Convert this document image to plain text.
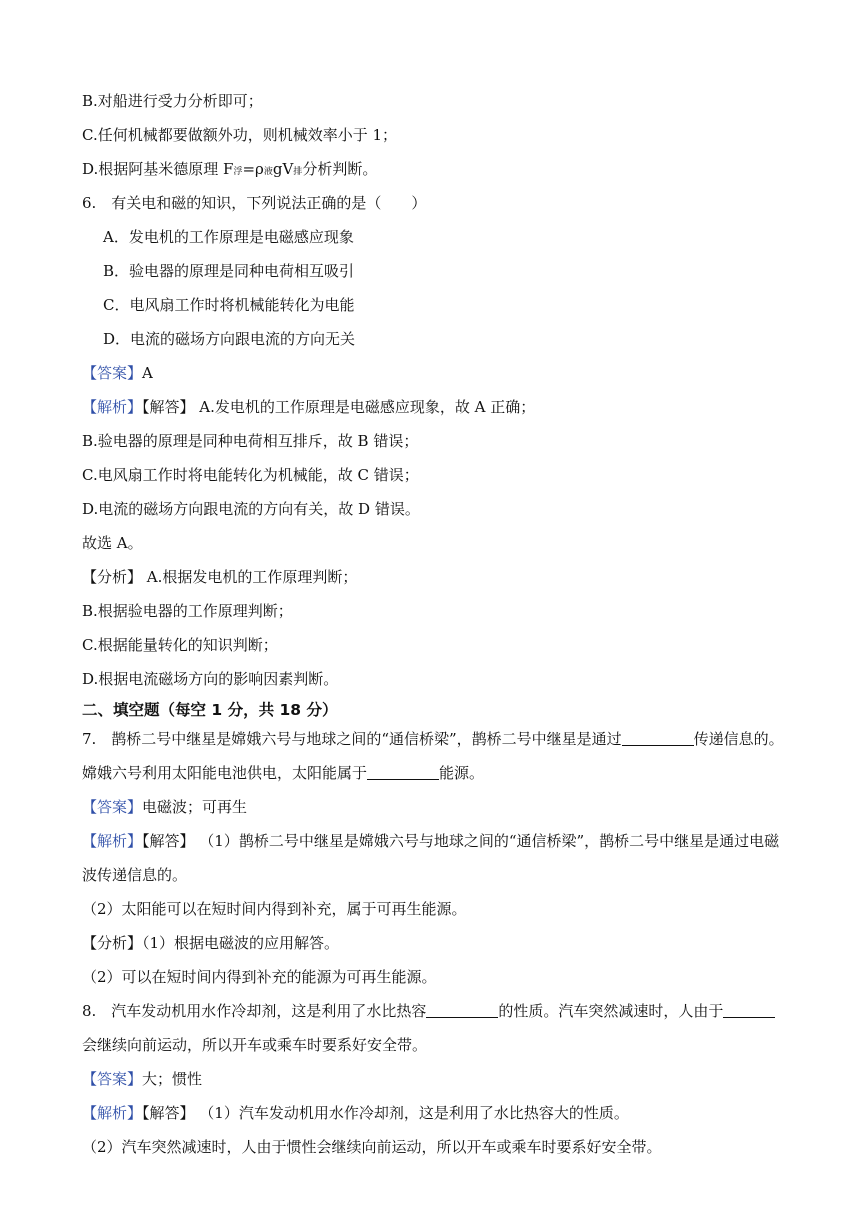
B.对船进行受力分析即可；
C.任何机械都要做额外功，则机械效率小于 1；
D.根据阿基米德原理 F浮=ρ液gV排分析判断。
6.　有关电和磁的知识，下列说法正确的是（　　）
A．发电机的工作原理是电磁感应现象
B．验电器的原理是同种电荷相互吸引
C．电风扇工作时将机械能转化为电能
D．电流的磁场方向跟电流的方向无关
【答案】A
【解析】【解答】 A.发电机的工作原理是电磁感应现象，故 A 正确；
B.验电器的原理是同种电荷相互排斥，故 B 错误；
C.电风扇工作时将电能转化为机械能，故 C 错误；
D.电流的磁场方向跟电流的方向有关，故 D 错误。
故选 A。
【分析】 A.根据发电机的工作原理判断；
B.根据验电器的工作原理判断；
C.根据能量转化的知识判断；
D.根据电流磁场方向的影响因素判断。
二、填空题（每空 1 分，共 18 分）
7.　鹊桥二号中继星是嫦娥六号与地球之间的“通信桥梁”，鹊桥二号中继星是通过	传递信息的。
嫦娥六号利用太阳能电池供电，太阳能属于	能源。
【答案】电磁波；可再生
【解析】【解答】 （1）鹊桥二号中继星是嫦娥六号与地球之间的“通信桥梁”，鹊桥二号中继星是通过电磁
波传递信息的。
（2）太阳能可以在短时间内得到补充，属于可再生能源。
【分析】（1）根据电磁波的应用解答。
（2）可以在短时间内得到补充的能源为可再生能源。
8.　汽车发动机用水作冷却剂，这是利用了水比热容	的性质。汽车突然减速时，人由于
会继续向前运动，所以开车或乘车时要系好安全带。
【答案】大；惯性
【解析】【解答】 （1）汽车发动机用水作冷却剂，这是利用了水比热容大的性质。
（2）汽车突然减速时，人由于惯性会继续向前运动，所以开车或乘车时要系好安全带。
